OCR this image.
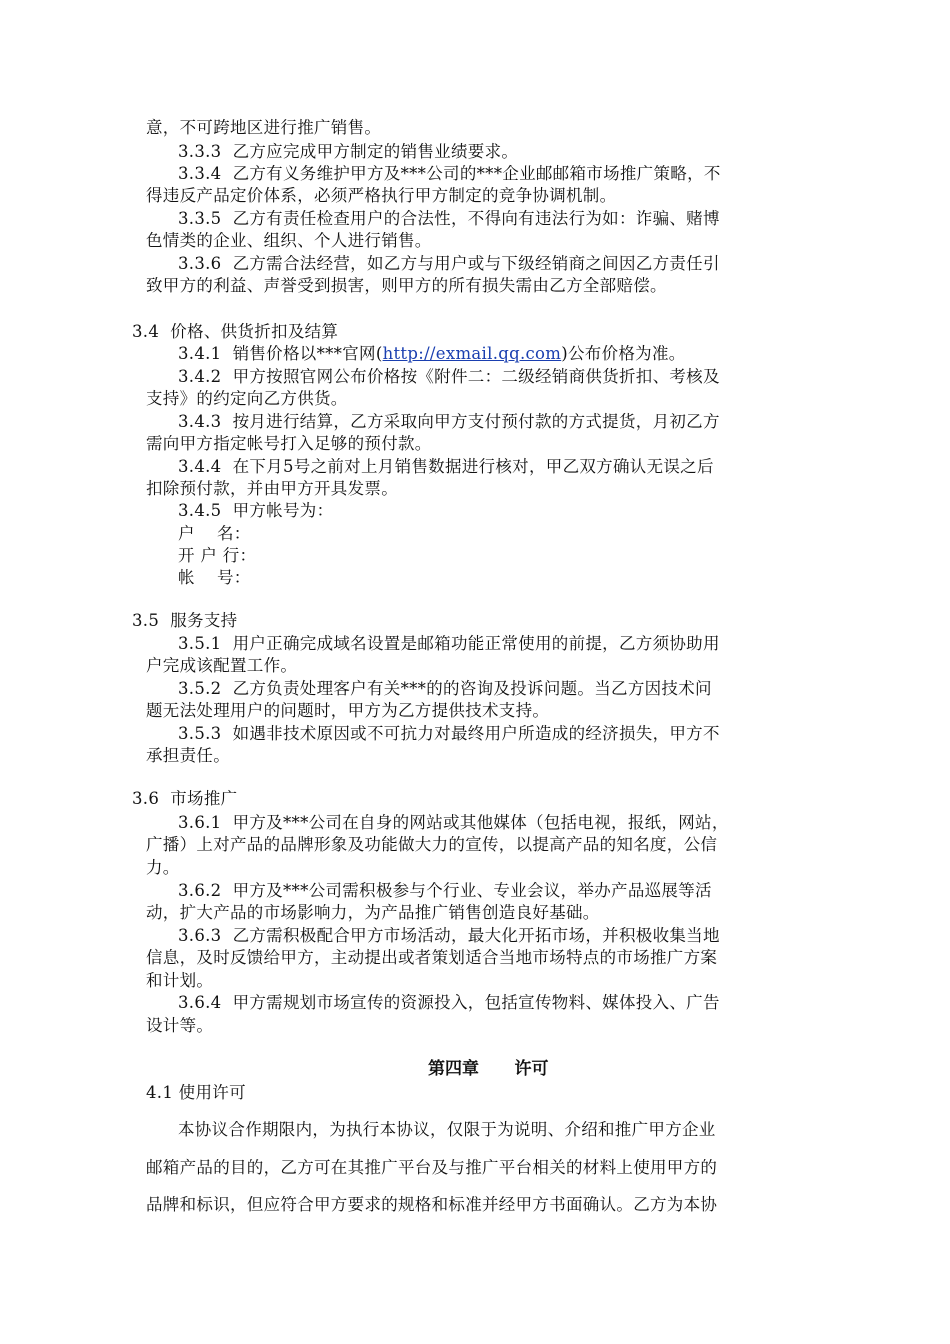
意，不可跨地区进行推广销售。
3.3.3  乙方应完成甲方制定的销售业绩要求。
3.3.4  乙方有义务维护甲方及***公司的***企业邮邮箱市场推广策略，不
得违反产品定价体系，必须严格执行甲方制定的竞争协调机制。
3.3.5  乙方有责任检查用户的合法性，不得向有违法行为如：诈骗、赌博
色情类的企业、组织、个人进行销售。
3.3.6  乙方需合法经营，如乙方与用户或与下级经销商之间因乙方责任引
致甲方的利益、声誉受到损害，则甲方的所有损失需由乙方全部赔偿。
3.4  价格、供货折扣及结算
3.4.1  销售价格以***官网(http://exmail.qq.com)公布价格为准。
3.4.2  甲方按照官网公布价格按《附件二：二级经销商供货折扣、考核及
支持》的约定向乙方供货。
3.4.3  按月进行结算，乙方采取向甲方支付预付款的方式提货，月初乙方
需向甲方指定帐号打入足够的预付款。
3.4.4  在下月5号之前对上月销售数据进行核对，甲乙双方确认无误之后
扣除预付款，并由甲方开具发票。
3.4.5  甲方帐号为：
户    名：
开 户 行：
帐    号：
3.5  服务支持
3.5.1  用户正确完成域名设置是邮箱功能正常使用的前提，乙方须协助用
户完成该配置工作。
3.5.2  乙方负责处理客户有关***的的咨询及投诉问题。当乙方因技术问
题无法处理用户的问题时，甲方为乙方提供技术支持。
3.5.3  如遇非技术原因或不可抗力对最终用户所造成的经济损失，甲方不
承担责任。
3.6  市场推广
3.6.1  甲方及***公司在自身的网站或其他媒体（包括电视，报纸，网站，
广播）上对产品的品牌形象及功能做大力的宣传，以提高产品的知名度，公信
力。
3.6.2  甲方及***公司需积极参与个行业、专业会议，举办产品巡展等活
动，扩大产品的市场影响力，为产品推广销售创造良好基础。
3.6.3  乙方需积极配合甲方市场活动，最大化开拓市场，并积极收集当地
信息，及时反馈给甲方，主动提出或者策划适合当地市场特点的市场推广方案
和计划。
3.6.4  甲方需规划市场宣传的资源投入，包括宣传物料、媒体投入、广告
设计等。
第四章      许可
4.1 使用许可
本协议合作期限内，为执行本协议，仅限于为说明、介绍和推广甲方企业
邮箱产品的目的，乙方可在其推广平台及与推广平台相关的材料上使用甲方的
品牌和标识，但应符合甲方要求的规格和标准并经甲方书面确认。乙方为本协
